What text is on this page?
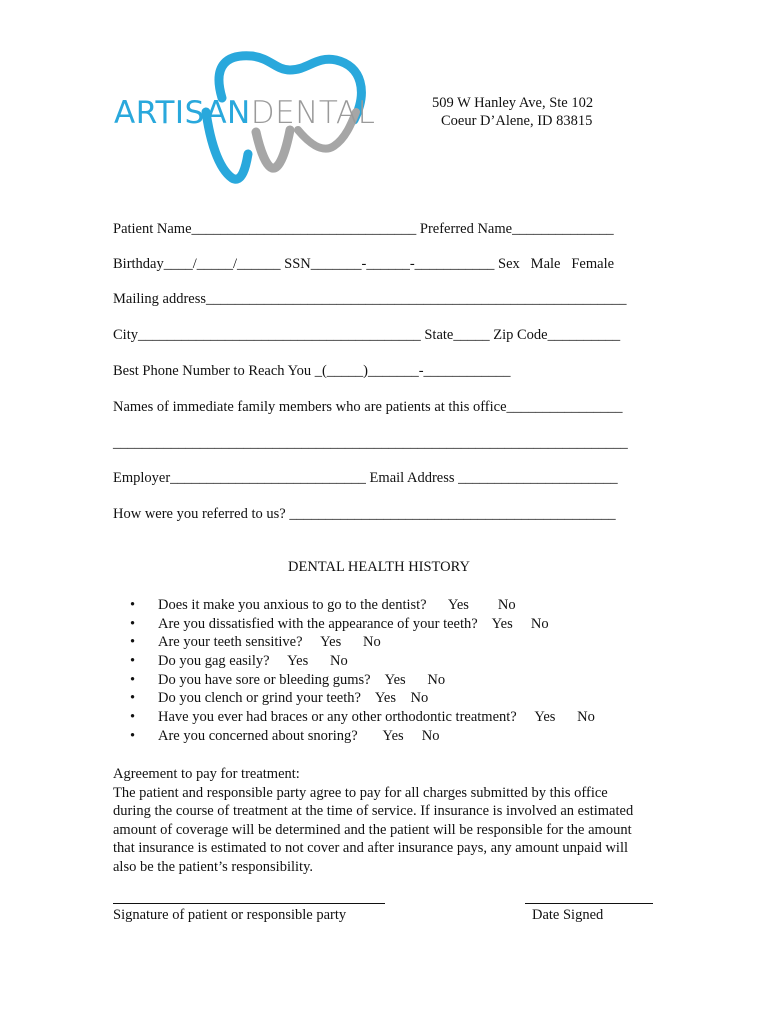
ARTISANDENTAL	509 W Hanley Ave, Ste 102
Coeur D’Alene, ID 83815
Patient Name_______________________________ Preferred Name______________
Birthday____/_____/______ SSN_______-______-___________ Sex   Male   Female
Mailing address__________________________________________________________
City_______________________________________ State_____ Zip Code__________
Best Phone Number to Reach You _(_____)_______-____________
Names of immediate family members who are patients at this office________________
_______________________________________________________________________
Employer___________________________ Email Address ______________________
How were you referred to us? _____________________________________________
DENTAL HEALTH HISTORY
• Does it make you anxious to go to the dentist?      Yes        No
• Are you dissatisfied with the appearance of your teeth?    Yes     No
• Are your teeth sensitive?     Yes      No
• Do you gag easily?     Yes      No
• Do you have sore or bleeding gums?    Yes      No
• Do you clench or grind your teeth?    Yes    No
• Have you ever had braces or any other orthodontic treatment?     Yes      No
• Are you concerned about snoring?       Yes     No
Agreement to pay for treatment:
The patient and responsible party agree to pay for all charges submitted by this office
during the course of treatment at the time of service. If insurance is involved an estimated
amount of coverage will be determined and the patient will be responsible for the amount
that insurance is estimated to not cover and after insurance pays, any amount unpaid will
also be the patient’s responsibility.
Signature of patient or responsible party	Date Signed
